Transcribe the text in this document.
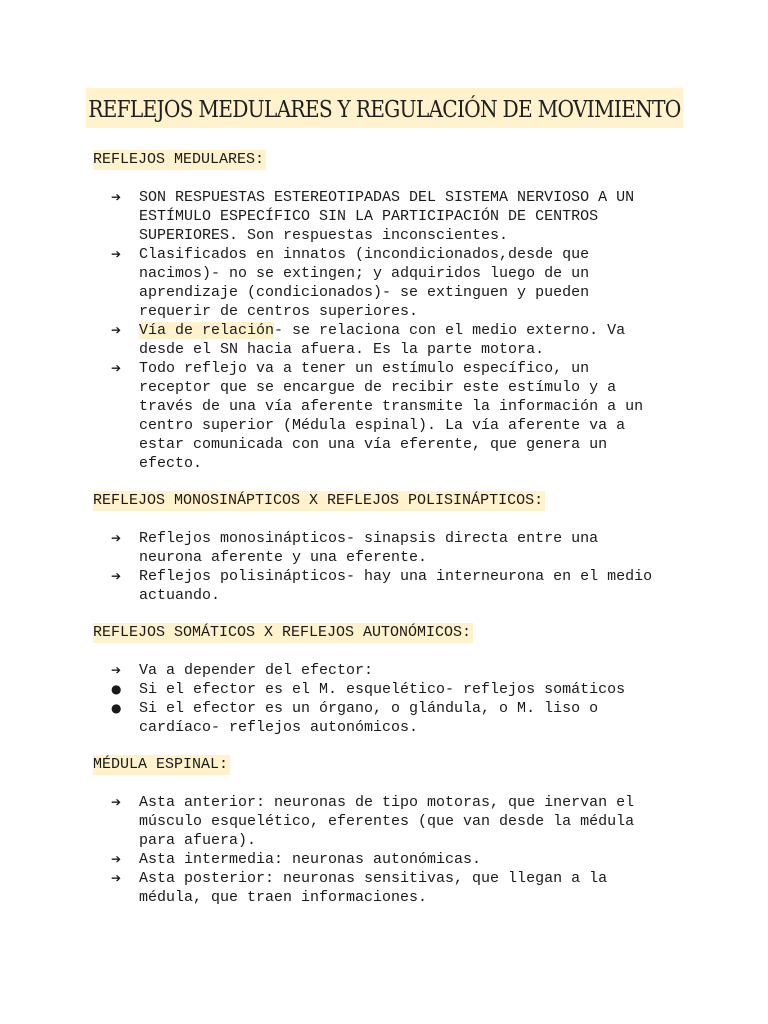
REFLEJOS MEDULARES Y REGULACIÓN DE MOVIMIENTO
REFLEJOS MEDULARES:
➔	SON RESPUESTAS ESTEREOTIPADAS DEL SISTEMA NERVIOSO A UN
ESTÍMULO ESPECÍFICO SIN LA PARTICIPACIÓN DE CENTROS
SUPERIORES. Son respuestas inconscientes.
➔	Clasificados en innatos (incondicionados,desde que
nacimos)- no se extingen; y adquiridos luego de un
aprendizaje (condicionados)- se extinguen y pueden
requerir de centros superiores.
➔	Vía de relación- se relaciona con el medio externo. Va
desde el SN hacia afuera. Es la parte motora.
➔	Todo reflejo va a tener un estímulo específico, un
receptor que se encargue de recibir este estímulo y a
través de una vía aferente transmite la información a un
centro superior (Médula espinal). La vía aferente va a
estar comunicada con una vía eferente, que genera un
efecto.
REFLEJOS MONOSINÁPTICOS X REFLEJOS POLISINÁPTICOS:
➔	Reflejos monosinápticos- sinapsis directa entre una
neurona aferente y una eferente.
➔	Reflejos polisinápticos- hay una interneurona en el medio
actuando.
REFLEJOS SOMÁTICOS X REFLEJOS AUTONÓMICOS:
➔	Va a depender del efector:
●	Si el efector es el M. esquelético- reflejos somáticos
●	Si el efector es un órgano, o glándula, o M. liso o
cardíaco- reflejos autonómicos.
MÉDULA ESPINAL:
➔	Asta anterior: neuronas de tipo motoras, que inervan el
músculo esquelético, eferentes (que van desde la médula
para afuera).
➔	Asta intermedia: neuronas autonómicas.
➔	Asta posterior: neuronas sensitivas, que llegan a la
médula, que traen informaciones.
